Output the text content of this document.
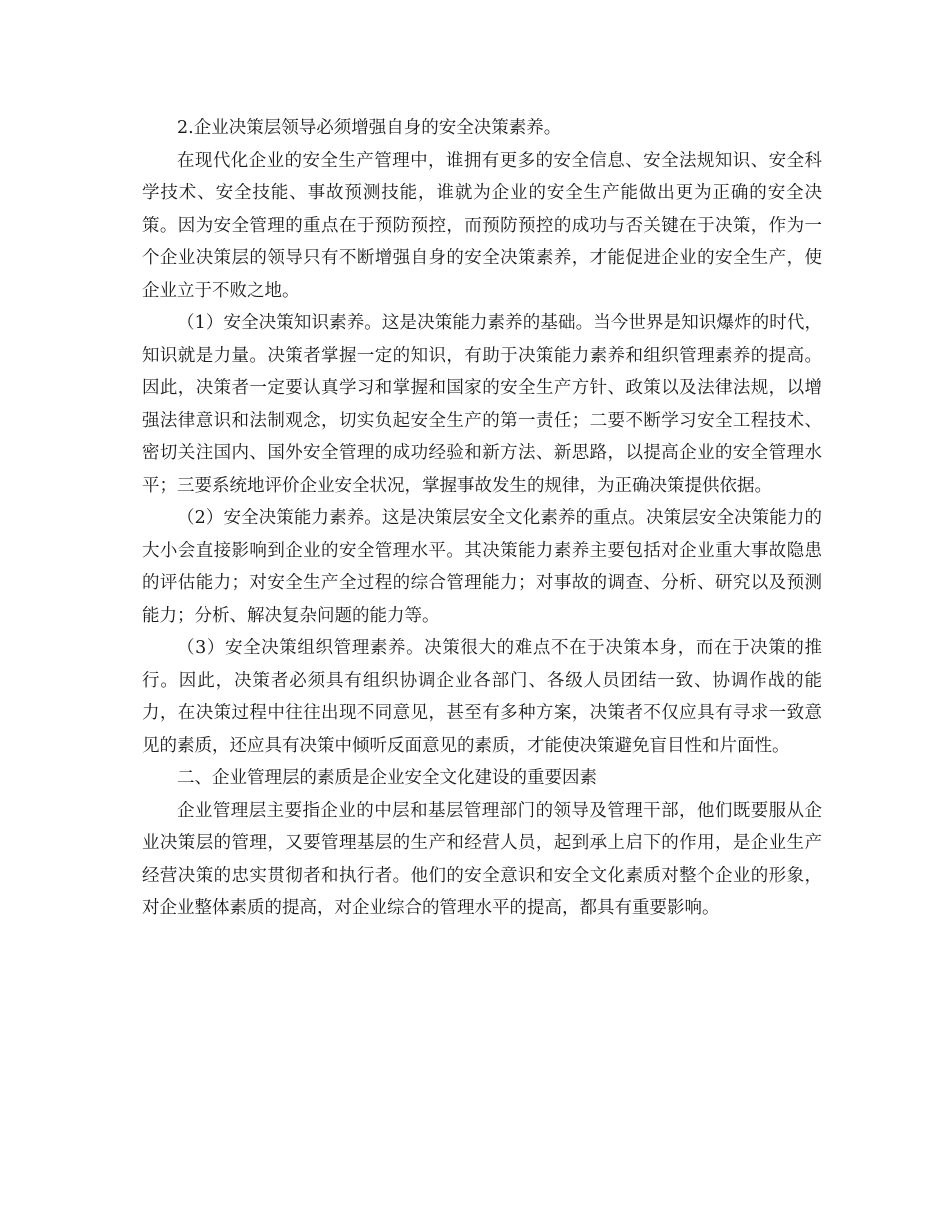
2.企业决策层领导必须增强自身的安全决策素养。

在现代化企业的安全生产管理中，谁拥有更多的安全信息、安全法规知识、安全科学技术、安全技能、事故预测技能，谁就为企业的安全生产能做出更为正确的安全决策。因为安全管理的重点在于预防预控，而预防预控的成功与否关键在于决策，作为一个企业决策层的领导只有不断增强自身的安全决策素养，才能促进企业的安全生产，使企业立于不败之地。

（1）安全决策知识素养。这是决策能力素养的基础。当今世界是知识爆炸的时代，知识就是力量。决策者掌握一定的知识，有助于决策能力素养和组织管理素养的提高。因此，决策者一定要认真学习和掌握和国家的安全生产方针、政策以及法律法规，以增强法律意识和法制观念，切实负起安全生产的第一责任；二要不断学习安全工程技术、密切关注国内、国外安全管理的成功经验和新方法、新思路，以提高企业的安全管理水平；三要系统地评价企业安全状况，掌握事故发生的规律，为正确决策提供依据。

（2）安全决策能力素养。这是决策层安全文化素养的重点。决策层安全决策能力的大小会直接影响到企业的安全管理水平。其决策能力素养主要包括对企业重大事故隐患的评估能力；对安全生产全过程的综合管理能力；对事故的调查、分析、研究以及预测能力；分析、解决复杂问题的能力等。

（3）安全决策组织管理素养。决策很大的难点不在于决策本身，而在于决策的推行。因此，决策者必须具有组织协调企业各部门、各级人员团结一致、协调作战的能力，在决策过程中往往出现不同意见，甚至有多种方案，决策者不仅应具有寻求一致意见的素质，还应具有决策中倾听反面意见的素质，才能使决策避免盲目性和片面性。

二、企业管理层的素质是企业安全文化建设的重要因素

企业管理层主要指企业的中层和基层管理部门的领导及管理干部，他们既要服从企业决策层的管理，又要管理基层的生产和经营人员，起到承上启下的作用，是企业生产经营决策的忠实贯彻者和执行者。他们的安全意识和安全文化素质对整个企业的形象，对企业整体素质的提高，对企业综合的管理水平的提高，都具有重要影响。
